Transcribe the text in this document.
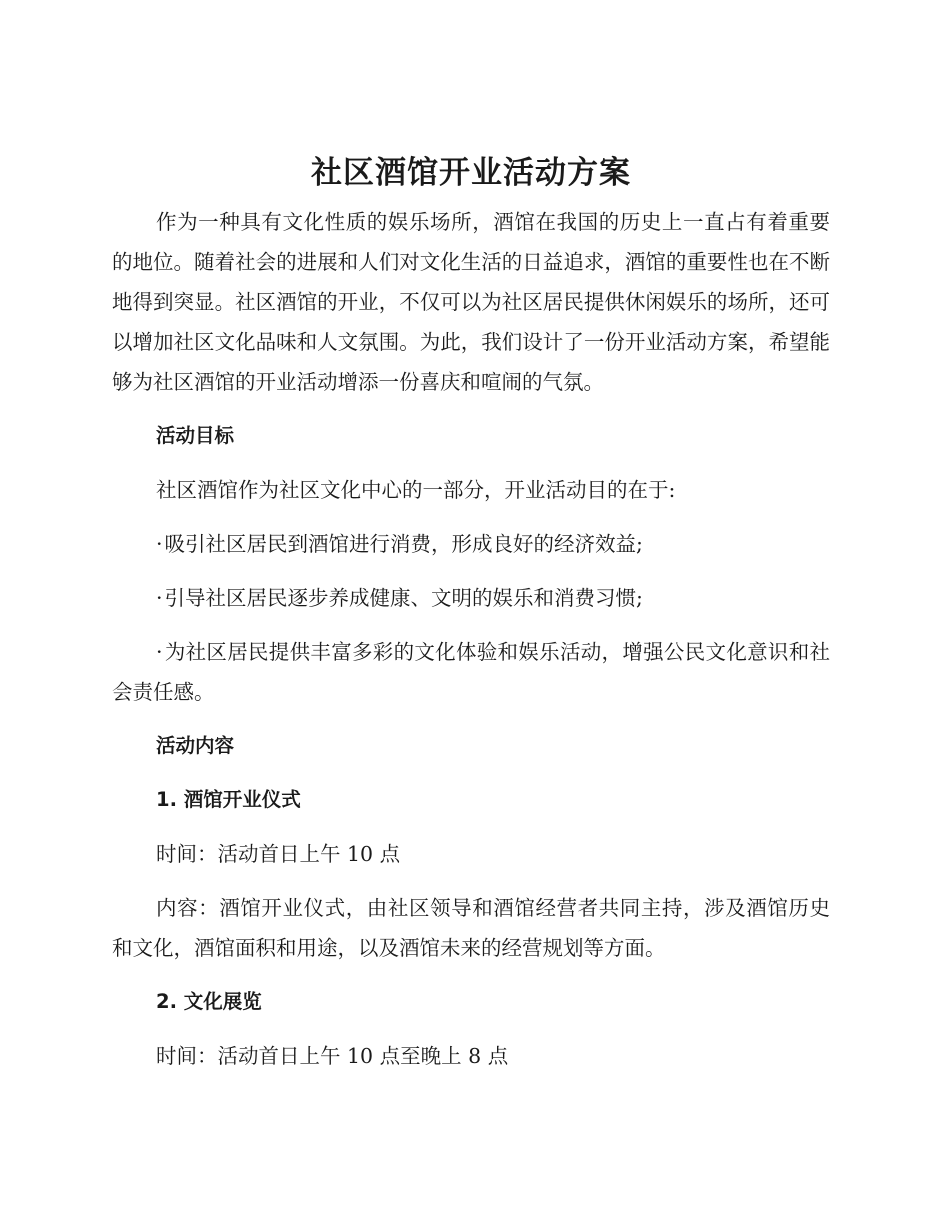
社区酒馆开业活动方案

作为一种具有文化性质的娱乐场所，酒馆在我国的历史上一直占有着重要的地位。随着社会的进展和人们对文化生活的日益追求，酒馆的重要性也在不断地得到突显。社区酒馆的开业，不仅可以为社区居民提供休闲娱乐的场所，还可以增加社区文化品味和人文氛围。为此，我们设计了一份开业活动方案，希望能够为社区酒馆的开业活动增添一份喜庆和喧闹的气氛。

活动目标

社区酒馆作为社区文化中心的一部分，开业活动目的在于:

·吸引社区居民到酒馆进行消费，形成良好的经济效益;

·引导社区居民逐步养成健康、文明的娱乐和消费习惯;

·为社区居民提供丰富多彩的文化体验和娱乐活动，增强公民文化意识和社会责任感。

活动内容

1. 酒馆开业仪式

时间：活动首日上午 10 点

内容：酒馆开业仪式，由社区领导和酒馆经营者共同主持，涉及酒馆历史和文化，酒馆面积和用途，以及酒馆未来的经营规划等方面。

2. 文化展览

时间：活动首日上午 10 点至晚上 8 点
